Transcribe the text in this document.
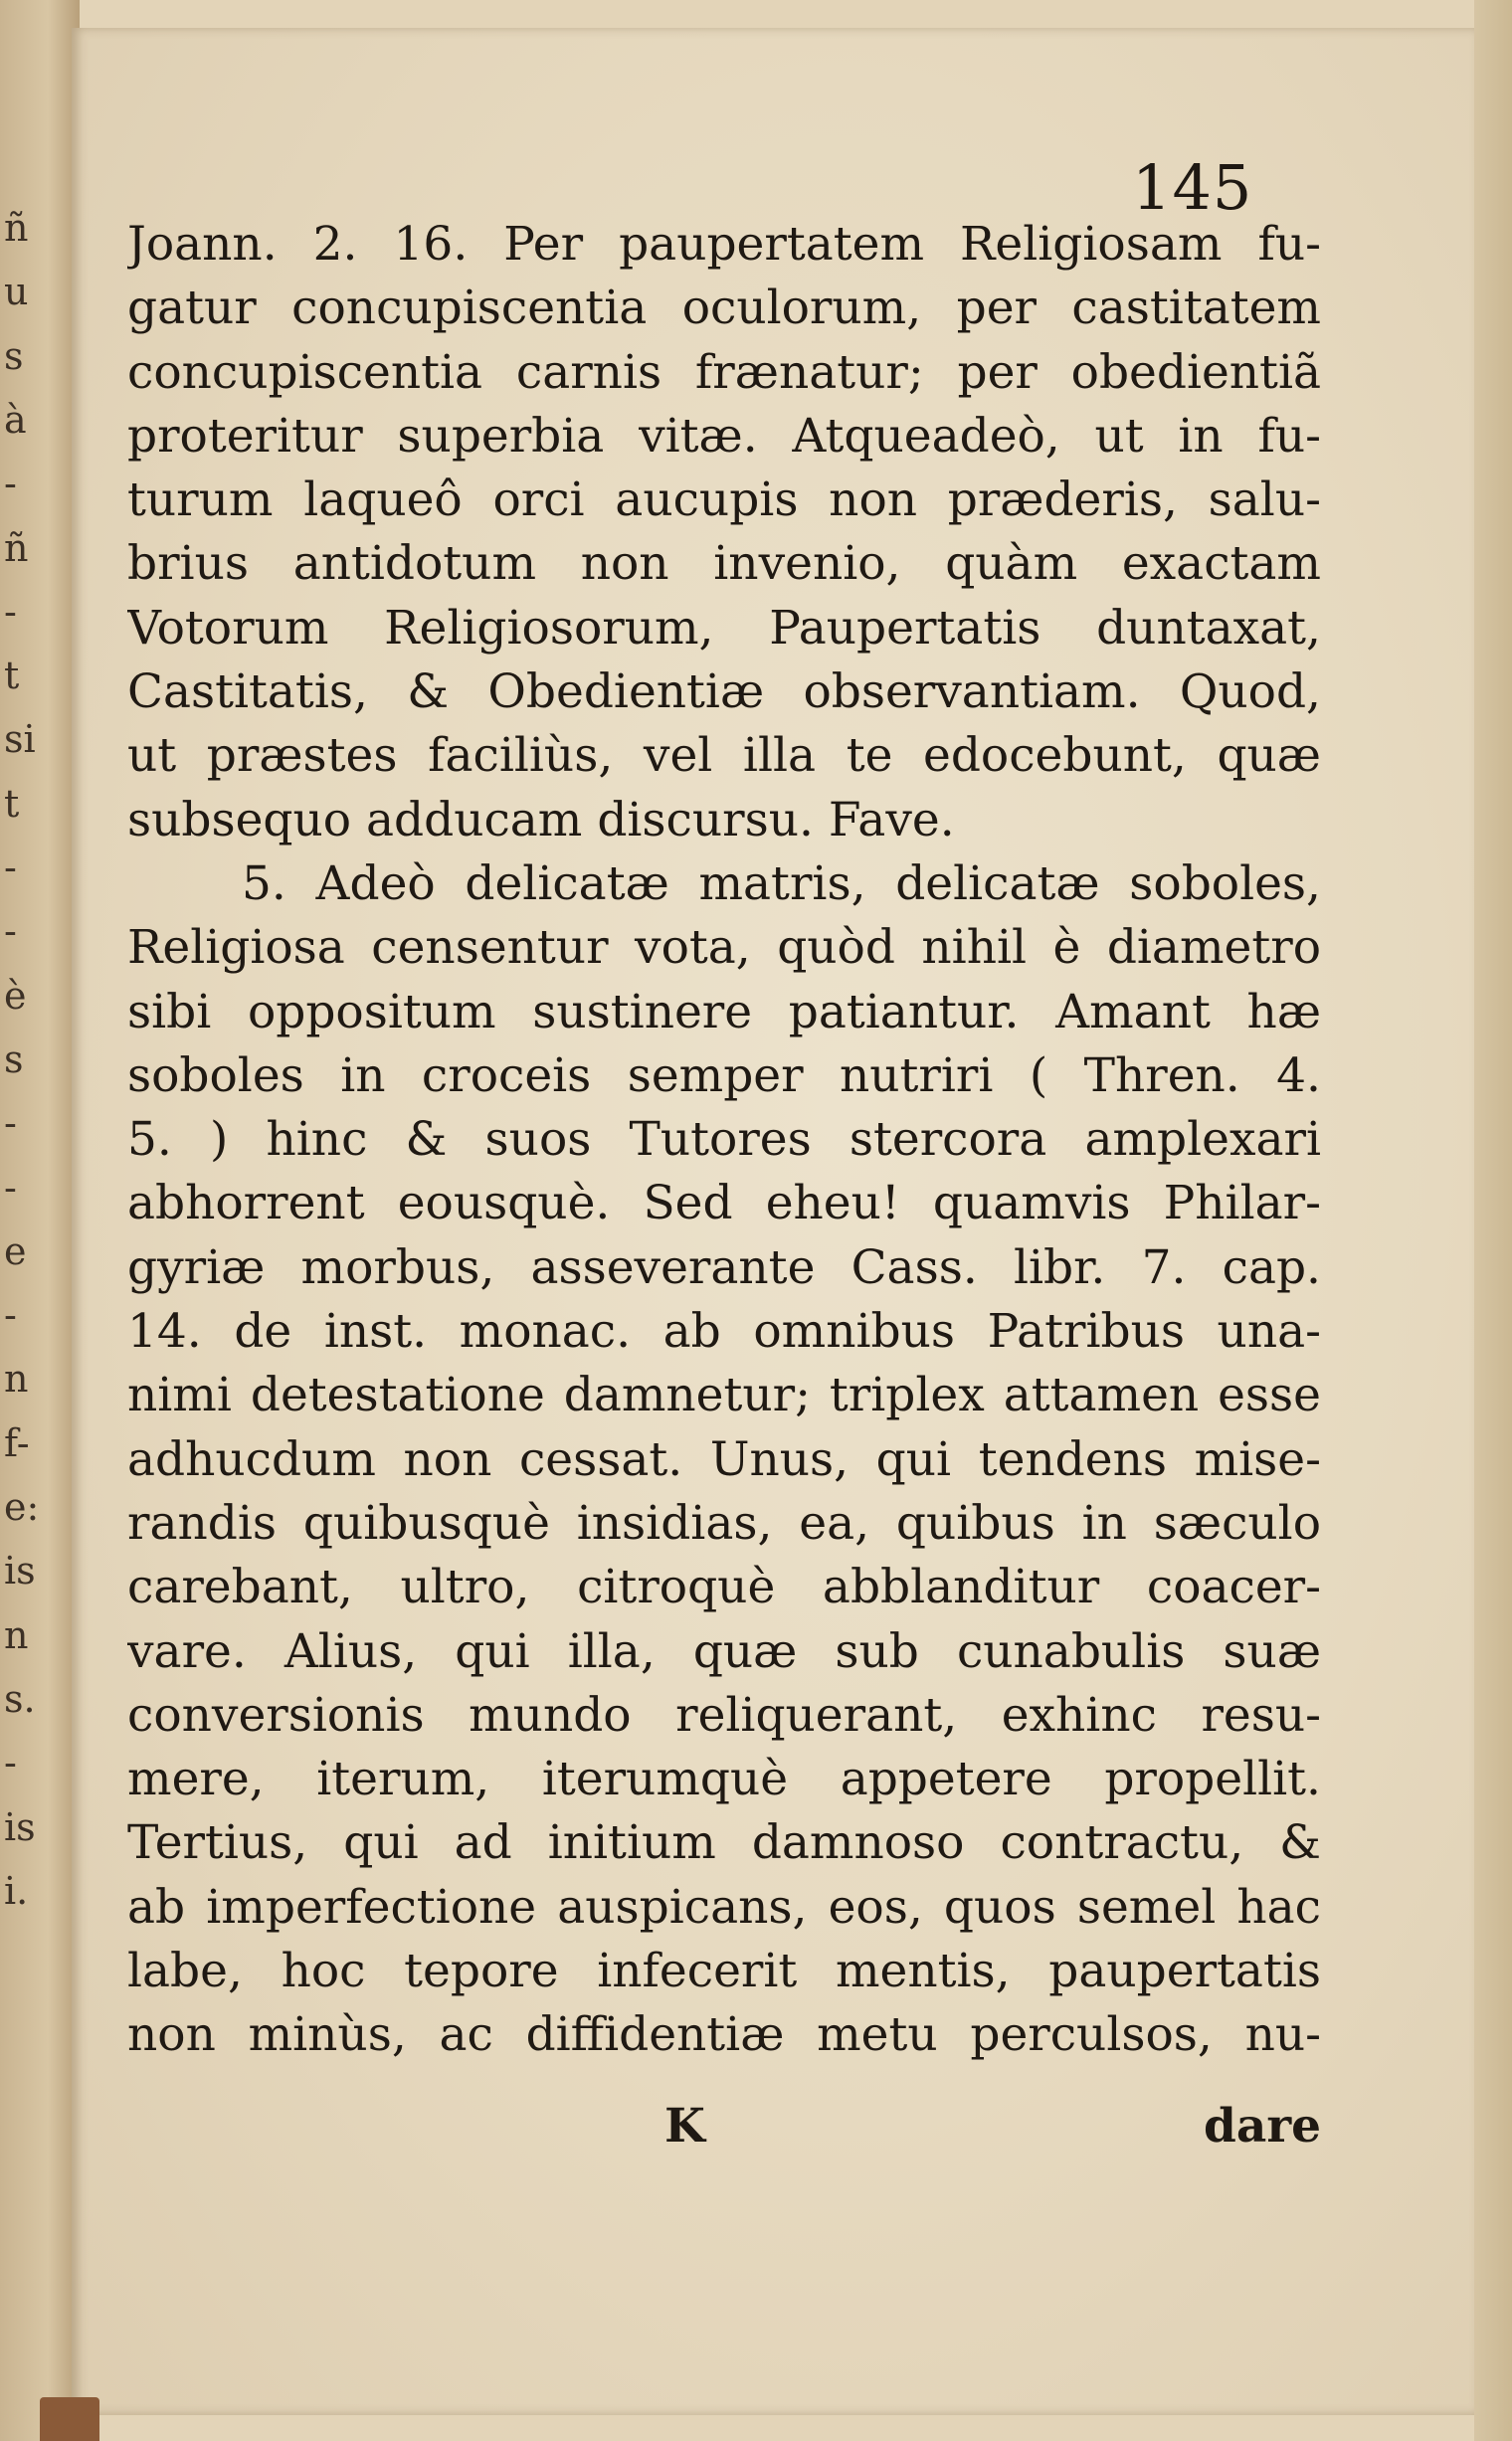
ñ
u
s
à
-
ñ
-
t
si
t
-
-
è
s
-
-
e
-
n
f-
e:
is
n
s.
-
is
i.
145
Joann. 2. 16. Per paupertatem Religiosam fu-
gatur concupiscentia oculorum, per castitatem
concupiscentia carnis frænatur; per obedientiã
proteritur superbia vitæ. Atqueadeò, ut in fu-
turum laqueô orci aucupis non præderis, salu-
brius antidotum non invenio, quàm exactam
Votorum Religiosorum, Paupertatis duntaxat,
Castitatis, & Obedientiæ observantiam. Quod,
ut præstes faciliùs, vel illa te edocebunt, quæ
subsequo adducam discursu. Fave.
5. Adeò delicatæ matris, delicatæ soboles,
Religiosa censentur vota, quòd nihil è diametro
sibi oppositum sustinere patiantur. Amant hæ
soboles in croceis semper nutriri ( Thren. 4.
5. ) hinc & suos Tutores stercora amplexari
abhorrent eousquè. Sed eheu! quamvis Philar-
gyriæ morbus, asseverante Cass. libr. 7. cap.
14. de inst. monac. ab omnibus Patribus una-
nimi detestatione damnetur; triplex attamen esse
adhucdum non cessat. Unus, qui tendens mise-
randis quibusquè insidias, ea, quibus in sæculo
carebant, ultro, citroquè abblanditur coacer-
vare. Alius, qui illa, quæ sub cunabulis suæ
conversionis mundo reliquerant, exhinc resu-
mere, iterum, iterumquè appetere propellit.
Tertius, qui ad initium damnoso contractu, &
ab imperfectione auspicans, eos, quos semel hac
labe, hoc tepore infecerit mentis, paupertatis
non minùs, ac diffidentiæ metu perculsos, nu-
K	dare
